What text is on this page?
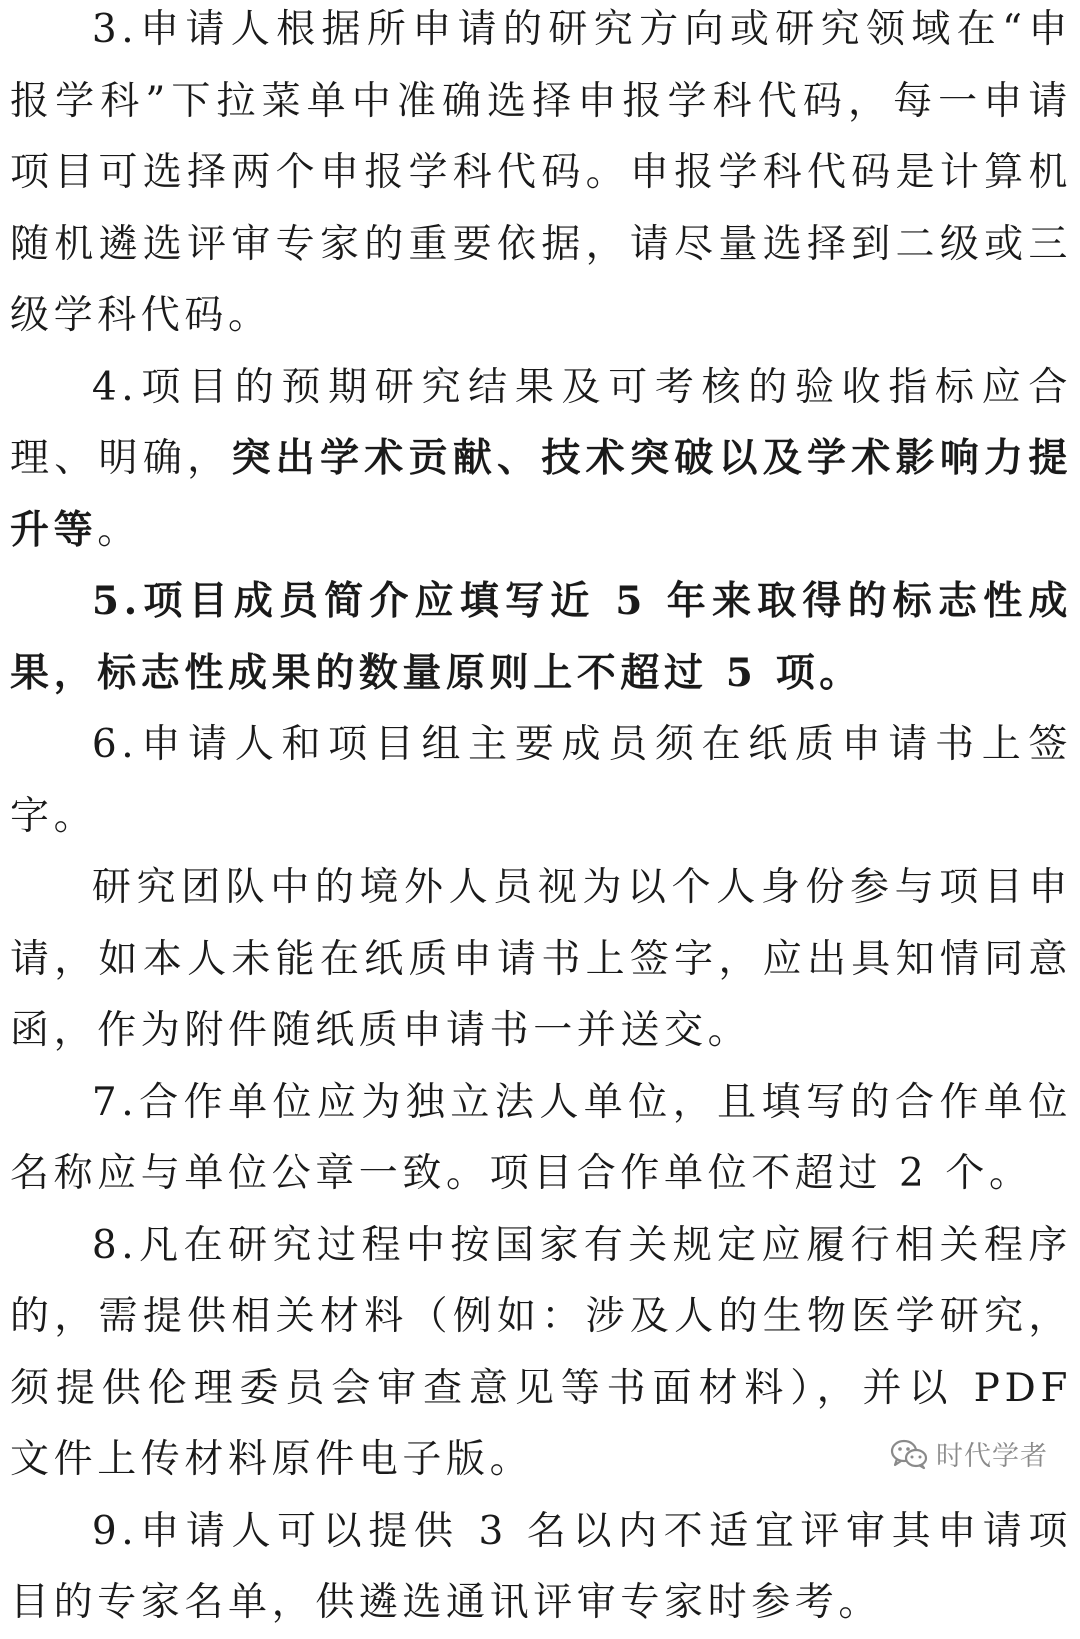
3.申请人根据所申请的研究方向或研究领域在“申报学科”下拉菜单中准确选择申报学科代码，每一申请项目可选择两个申报学科代码。申报学科代码是计算机随机遴选评审专家的重要依据，请尽量选择到二级或三级学科代码。

4.项目的预期研究结果及可考核的验收指标应合理、明确，突出学术贡献、技术突破以及学术影响力提升等。

5.项目成员简介应填写近 5 年来取得的标志性成果，标志性成果的数量原则上不超过 5 项。

6.申请人和项目组主要成员须在纸质申请书上签字。

研究团队中的境外人员视为以个人身份参与项目申请，如本人未能在纸质申请书上签字，应出具知情同意函，作为附件随纸质申请书一并送交。

7.合作单位应为独立法人单位，且填写的合作单位名称应与单位公章一致。项目合作单位不超过 2 个。

8.凡在研究过程中按国家有关规定应履行相关程序的，需提供相关材料（例如：涉及人的生物医学研究，须提供伦理委员会审查意见等书面材料），并以 PDF 文件上传材料原件电子版。

9.申请人可以提供 3 名以内不适宜评审其申请项目的专家名单，供遴选通讯评审专家时参考。

时代学者
